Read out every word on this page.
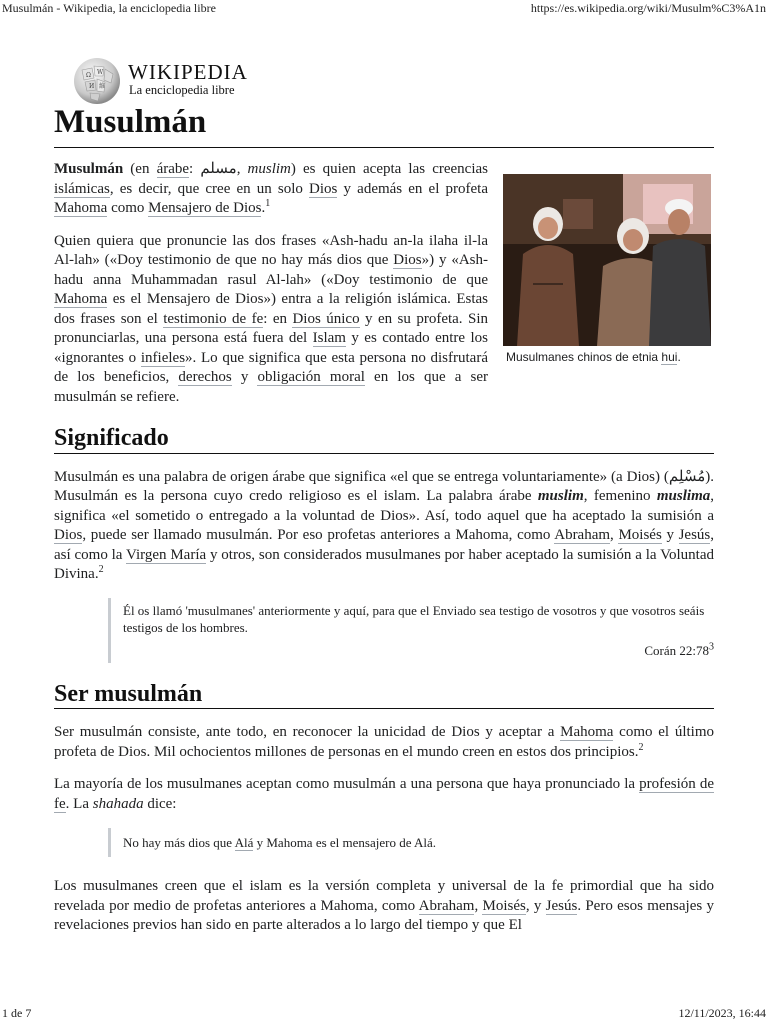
Musulmán - Wikipedia, la enciclopedia libre	https://es.wikipedia.org/wiki/Musulm%C3%A1n
Ω W
И 維
WIKIPEDIA
La enciclopedia libre
Musulmán
Musulmanes chinos de etnia hui.

Musulmán (en árabe: مسلم, muslim) es quien acepta las creencias islámicas, es decir, que cree en un solo Dios y además en el profeta Mahoma como Mensajero de Dios.$^1$

Quien quiera que pronuncie las dos frases «Ash-hadu an-la ilaha il-la Al-lah» («Doy testimonio de que no hay más dios que Dios») y «Ash-hadu anna Muhammadan rasul Al-lah» («Doy testimonio de que Mahoma es el Mensajero de Dios») entra a la religión islámica. Estas dos frases son el testimonio de fe: en Dios único y en su profeta. Sin pronunciarlas, una persona está fuera del Islam y es contado entre los «ignorantes o infieles». Lo que significa que esta persona no disfrutará de los beneficios, derechos y obligación moral en los que a ser musulmán se refiere.

Significado

Musulmán es una palabra de origen árabe que significa «el que se entrega voluntariamente» (a Dios) (مُسْلِم). Musulmán es la persona cuyo credo religioso es el islam. La palabra árabe muslim, femenino muslima, significa «el sometido o entregado a la voluntad de Dios». Así, todo aquel que ha aceptado la sumisión a Dios, puede ser llamado musulmán. Por eso profetas anteriores a Mahoma, como Abraham, Moisés y Jesús, así como la Virgen María y otros, son considerados musulmanes por haber aceptado la sumisión a la Voluntad Divina.$^2$

Él os llamó 'musulmanes' anteriormente y aquí, para que el Enviado sea testigo de vosotros y que vosotros seáis testigos de los hombres.
Corán $22:78^3$
Ser musulmán

Ser musulmán consiste, ante todo, en reconocer la unicidad de Dios y aceptar a Mahoma como el último profeta de Dios. Mil ochocientos millones de personas en el mundo creen en estos dos principios.$^2$

La mayoría de los musulmanes aceptan como musulmán a una persona que haya pronunciado la profesión de fe. La shahada dice:

No hay más dios que Alá y Mahoma es el mensajero de Alá.

Los musulmanes creen que el islam es la versión completa y universal de la fe primordial que ha sido revelada por medio de profetas anteriores a Mahoma, como Abraham, Moisés, y Jesús. Pero esos mensajes y revelaciones previos han sido en parte alterados a lo largo del tiempo y que El

1 de 7	12/11/2023, 16:44
